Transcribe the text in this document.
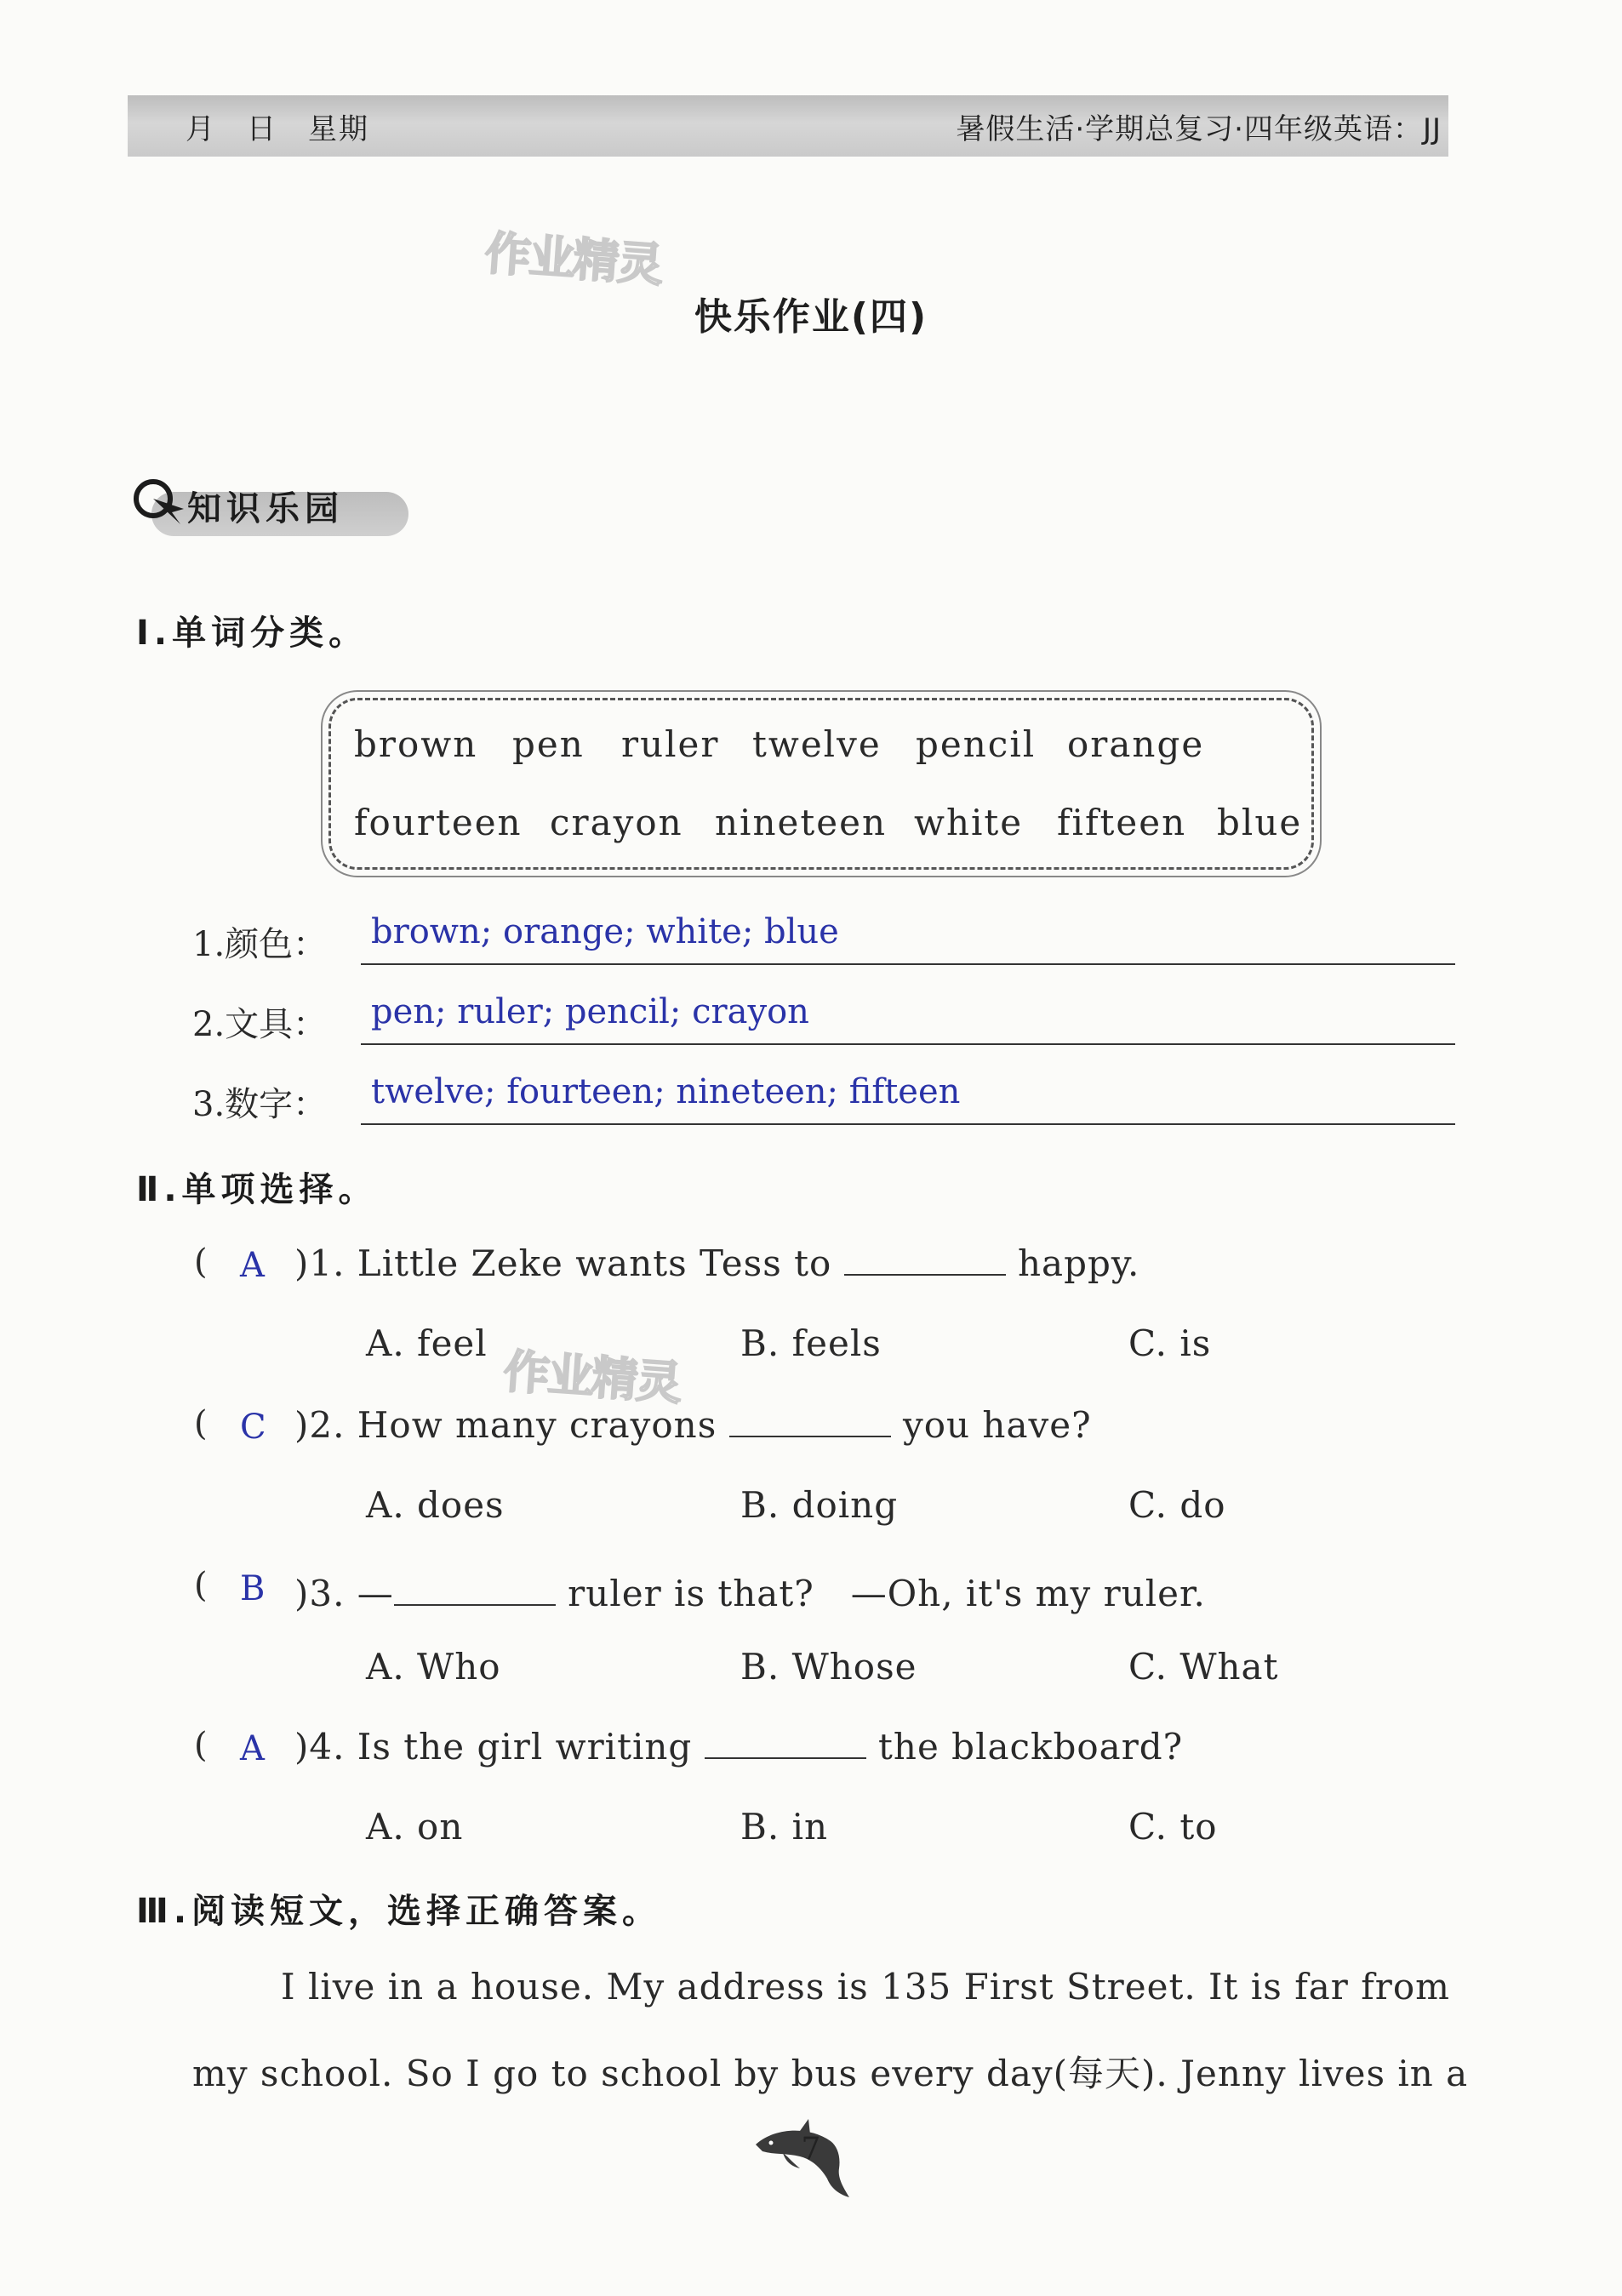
月　日　星期	暑假生活·学期总复习·四年级英语：JJ
作业精灵
作业精灵
快乐作业(四)
知识乐园
Ⅰ.单词分类。
brown pen ruler twelve pencil orange
fourteen crayon nineteen white fifteen blue
1.颜色： brown; orange; white; blue
2.文具： pen; ruler; pencil; crayon
3.数字： twelve; fourteen; nineteen; fifteen
Ⅱ.单项选择。
( A )1. Little Zeke wants Tess to	happy.
A. feel	B. feels	C. is
( C )2. How many crayons	you have?
A. does	B. doing	C. do
( B )3. —	ruler is that?　—Oh, it's my ruler.
A. Who	B. Whose	C. What
( A )4. Is the girl writing	the blackboard?
A. on	B. in	C. to
Ⅲ.阅读短文，选择正确答案。
I live in a house. My address is 135 First Street. It is far from
my school. So I go to school by bus every day(每天). Jenny lives in a
7
